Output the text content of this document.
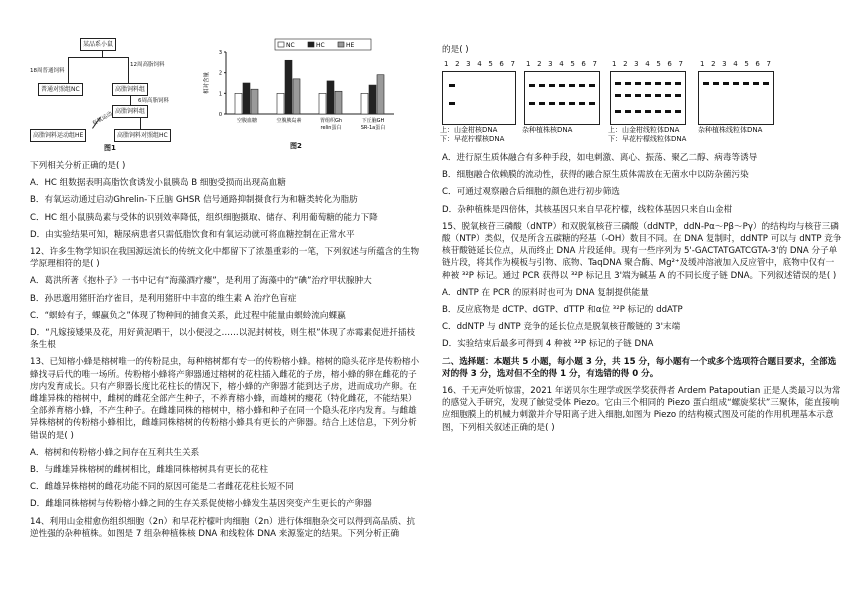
某品系小鼠
18周普通饲料
12周高脂饲料
普通对照组NC	高脂饲料组
6周高脂饲料
高脂饲料组
有氧运动
高脂饲料运动组HE	高脂饲料对照组HC
图1
0
1
2
3
相对含量
空腹血糖	空腹胰岛素	胃组织Gh
relin蛋白
下丘脑GH
SR-1a蛋白
NC	HC	HE
图2

下列相关分析正确的是( )

A．HC 组数据表明高脂饮食诱发小鼠胰岛 B 细胞受损而出现高血糖

B．有氧运动通过启动Ghrelin-下丘脑 GHSR 信号通路抑制摄食行为和糖类转化为脂肪

C．HC 组小鼠胰岛素与受体的识别效率降低，组织细胞摄取、储存、利用葡萄糖的能力下降

D．由实验结果可知，糖尿病患者只需低脂饮食和有氧运动就可将血糖控制在正常水平

12、许多生物学知识在我国源远流长的传统文化中都留下了浓墨重彩的一笔，下列叙述与所蕴含的生物学原理相符的是( )

A．葛洪所著《抱朴子》一书中记有“海藻酒疗瘿”，是利用了海藻中的“碘”治疗甲状腺肿大

B．孙思邈用猪肝治疗雀目，是利用猪肝中丰富的维生素 A 治疗色盲症

C．“螟蛉有子，蜾蠃负之”体现了物种间的捕食关系，此过程中能量由螟蛉流向蜾蠃

D．“凡嫁接矮果及花，用好黄泥晒干，以小便浸之……以泥封树枝，则生根”体现了赤霉素促进扦插枝条生根

13、已知榕小蜂是榕树唯一的传粉昆虫，每种榕树都有专一的传粉榕小蜂。榕树的隐头花序是传粉榕小蜂找寻后代的唯一场所。传粉榕小蜂将产卵器通过榕树的花柱插入雌花的子房，榕小蜂的卵在雌花的子房内发育成长。只有产卵器长度比花柱长的情况下，榕小蜂的产卵器才能到达子房，进而成功产卵。在雌雄异株的榕树中，雌树的雌花全部产生种子，不养育榕小蜂，而雄树的瘿花（特化雌花，不能结果）全部养育榕小蜂，不产生种子。在雌雄同株的榕树中，榕小蜂和种子在同一个隐头花序内发育。与雌雄异株榕树的传粉榕小蜂相比，雌雄同株榕树的传粉榕小蜂具有更长的产卵器。结合上述信息，下列分析错误的是( )

A．榕树和传粉榕小蜂之间存在互利共生关系

B．与雌雄异株榕树的雌树相比，雌雄同株榕树具有更长的花柱

C．雌雄异株榕树的雌花功能不同的原因可能是二者雌花花柱长短不同

D．雌雄同株榕树与传粉榕小蜂之间的生存关系促使榕小蜂发生基因突变产生更长的产卵器

14、利用山金柑愈伤组织细胞（2n）和早花柠檬叶肉细胞（2n）进行体细胞杂交可以得到高品质、抗逆性强的杂种植株。如图是 7 组杂种植株核 DNA 和线粒体 DNA 来源鉴定的结果。下列分析正确

的是( )

1 2 3 4 5 6 7 1 2 3 4 5 6 7 1 2 3 4 5 6 7 1 2 3 4 5 6 7
上：山金柑核DNA
下：早花柠檬核DNA
杂种植株核DNA	上：山金柑线粒体DNA
下：早花柠檬线粒体DNA
杂种植株线粒体DNA

A．进行原生质体融合有多种手段，如电刺激、离心、振荡、聚乙二醇、病毒等诱导

B．细胞融合依赖膜的流动性，获得的融合原生质体需放在无菌水中以防杂菌污染

C．可通过观察融合后细胞的颜色进行初步筛选

D．杂种植株是四倍体，其核基因只来自早花柠檬，线粒体基因只来自山金柑

15、脱氧核苷三磷酸（dNTP）和双脱氧核苷三磷酸（ddNTP，ddN-Pα～Pβ～Pγ）的结构均与核苷三磷酸（NTP）类似，仅是所含五碳糖的羟基（-OH）数目不同。在 DNA 复制时，ddNTP 可以与 dNTP 竞争核苷酸链延长位点，从而终止 DNA 片段延伸。现有一些序列为 5'-GACTATGATCGTA-3'的 DNA 分子单链片段，将其作为模板与引物、底物、TaqDNA 聚合酶、Mg²⁺及缓冲溶液加入反应管中，底物中仅有一种被 ³²P 标记。通过 PCR 获得以 ³²P 标记且 3'端为碱基 A 的不同长度子链 DNA。下列叙述错误的是( )

A．dNTP 在 PCR 的原料时也可为 DNA 复制提供能量

B．反应底物是 dCTP、dGTP、dTTP 和α位 ³²P 标记的 ddATP

C．ddNTP 与 dNTP 竞争的延长位点是脱氧核苷酸链的 3'末端

D．实验结束后最多可得到 4 种被 ³²P 标记的子链 DNA

二、选择题：本题共 5 小题，每小题 3 分，共 15 分，每小题有一个或多个选项符合题目要求，全部选对的得 3 分，选对但不全的得 1 分，有选错的得 0 分。

16、千无声处听惊雷，2021 年诺贝尔生理学或医学奖获得者 Ardem Patapoutian 正是人类最习以为常的感觉入手研究，发现了触觉受体 Piezo。它由三个相同的 Piezo 蛋白组成“螺旋桨状”三聚体，能直接响应细胞膜上的机械力刺激并介导阳离子进入细胞,如图为 Piezo 的结构模式图及可能的作用机理基本示意图，下列相关叙述正确的是( )
